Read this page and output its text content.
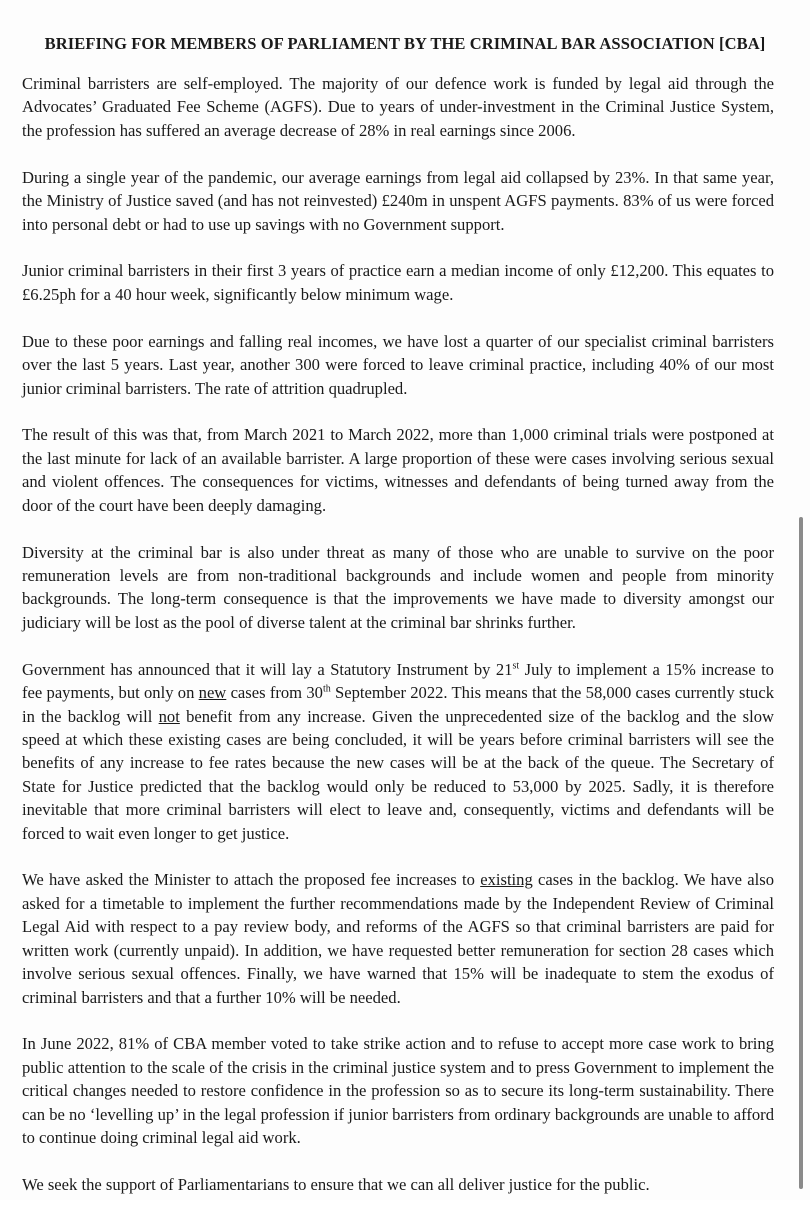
BRIEFING FOR MEMBERS OF PARLIAMENT BY THE CRIMINAL BAR ASSOCIATION [CBA]

Criminal barristers are self-employed. The majority of our defence work is funded by legal aid through the Advocates’ Graduated Fee Scheme (AGFS). Due to years of under-investment in the Criminal Justice System, the profession has suffered an average decrease of 28% in real earnings since 2006.

During a single year of the pandemic, our average earnings from legal aid collapsed by 23%. In that same year, the Ministry of Justice saved (and has not reinvested) £240m in unspent AGFS payments. 83% of us were forced into personal debt or had to use up savings with no Government support.

Junior criminal barristers in their first 3 years of practice earn a median income of only £12,200. This equates to £6.25ph for a 40 hour week, significantly below minimum wage.

Due to these poor earnings and falling real incomes, we have lost a quarter of our specialist criminal barristers over the last 5 years. Last year, another 300 were forced to leave criminal practice, including 40% of our most junior criminal barristers. The rate of attrition quadrupled.

The result of this was that, from March 2021 to March 2022, more than 1,000 criminal trials were postponed at the last minute for lack of an available barrister. A large proportion of these were cases involving serious sexual and violent offences. The consequences for victims, witnesses and defendants of being turned away from the door of the court have been deeply damaging.

Diversity at the criminal bar is also under threat as many of those who are unable to survive on the poor remuneration levels are from non-traditional backgrounds and include women and people from minority backgrounds. The long-term consequence is that the improvements we have made to diversity amongst our judiciary will be lost as the pool of diverse talent at the criminal bar shrinks further.

Government has announced that it will lay a Statutory Instrument by 21st July to implement a 15% increase to fee payments, but only on new cases from 30th September 2022. This means that the 58,000 cases currently stuck in the backlog will not benefit from any increase. Given the unprecedented size of the backlog and the slow speed at which these existing cases are being concluded, it will be years before criminal barristers will see the benefits of any increase to fee rates because the new cases will be at the back of the queue. The Secretary of State for Justice predicted that the backlog would only be reduced to 53,000 by 2025. Sadly, it is therefore inevitable that more criminal barristers will elect to leave and, consequently, victims and defendants will be forced to wait even longer to get justice.

We have asked the Minister to attach the proposed fee increases to existing cases in the backlog. We have also asked for a timetable to implement the further recommendations made by the Independent Review of Criminal Legal Aid with respect to a pay review body, and reforms of the AGFS so that criminal barristers are paid for written work (currently unpaid). In addition, we have requested better remuneration for section 28 cases which involve serious sexual offences. Finally, we have warned that 15% will be inadequate to stem the exodus of criminal barristers and that a further 10% will be needed.

In June 2022, 81% of CBA member voted to take strike action and to refuse to accept more case work to bring public attention to the scale of the crisis in the criminal justice system and to press Government to implement the critical changes needed to restore confidence in the profession so as to secure its long-term sustainability. There can be no ‘levelling up’ in the legal profession if junior barristers from ordinary backgrounds are unable to afford to continue doing criminal legal aid work.

We seek the support of Parliamentarians to ensure that we can all deliver justice for the public.
